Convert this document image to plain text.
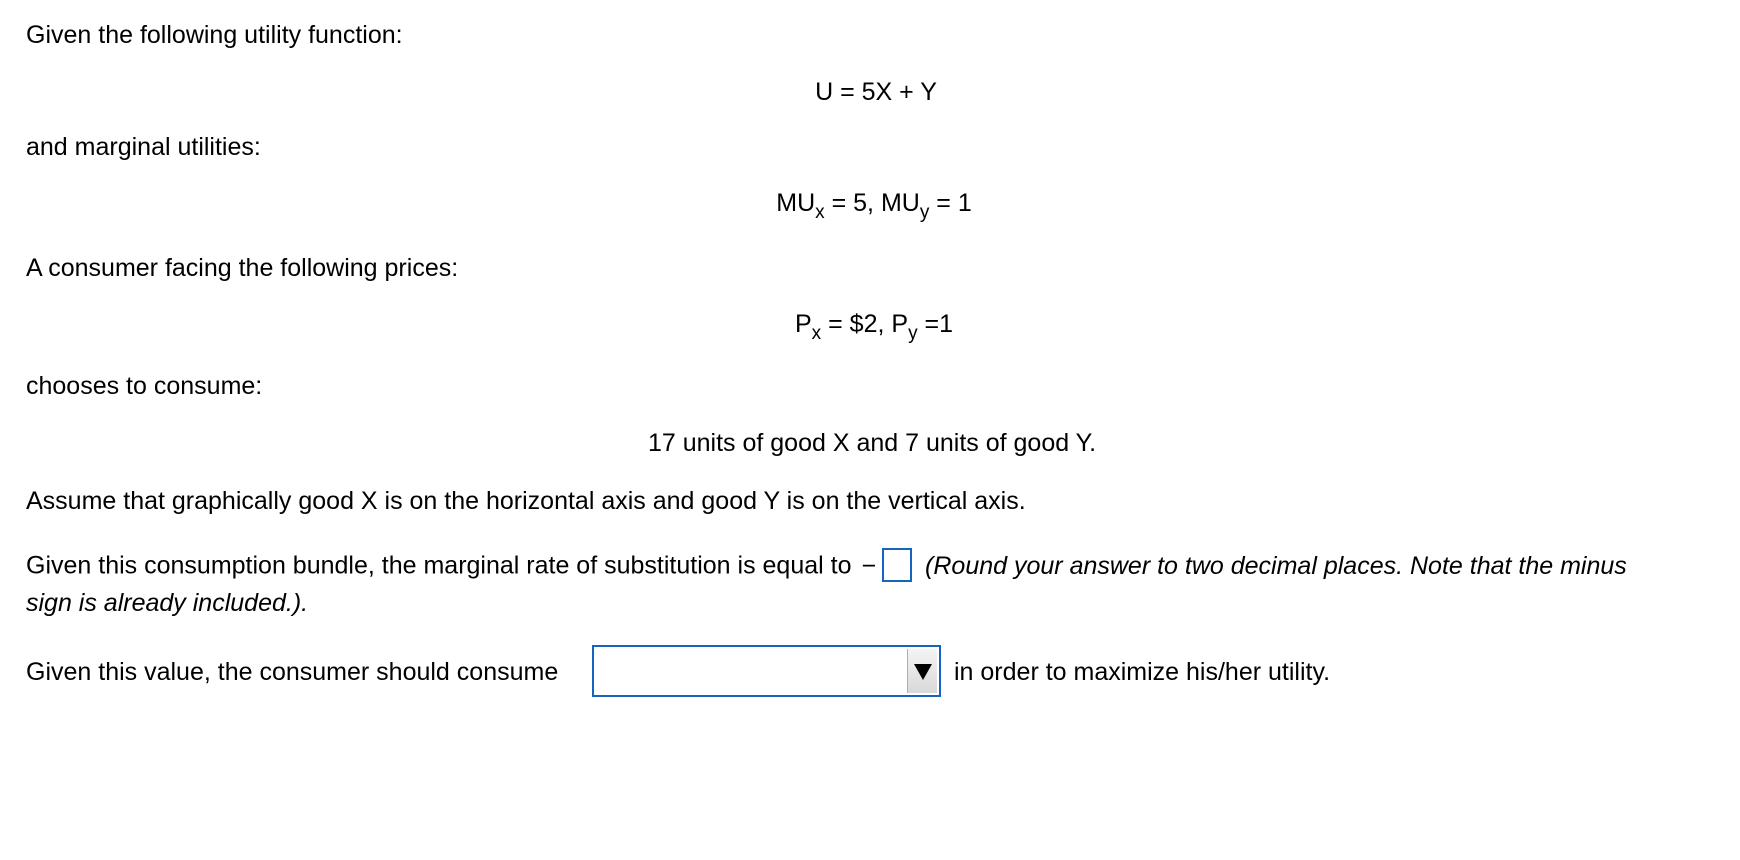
Given the following utility function:
U = 5X + Y
and marginal utilities:
$MU_x = 5$, $MU_y = 1$
A consumer facing the following prices:
$P_x$ = $2, $P_y =1$
chooses to consume:
17 units of good X and 7 units of good Y.
Assume that graphically good X is on the horizontal axis and good Y is on the vertical axis.
Given this consumption bundle, the marginal rate of substitution is equal to − (Round your answer to two decimal places. Note that the minus
sign is already included.).
Given this value, the consumer should consume	in order to maximize his/her utility.
